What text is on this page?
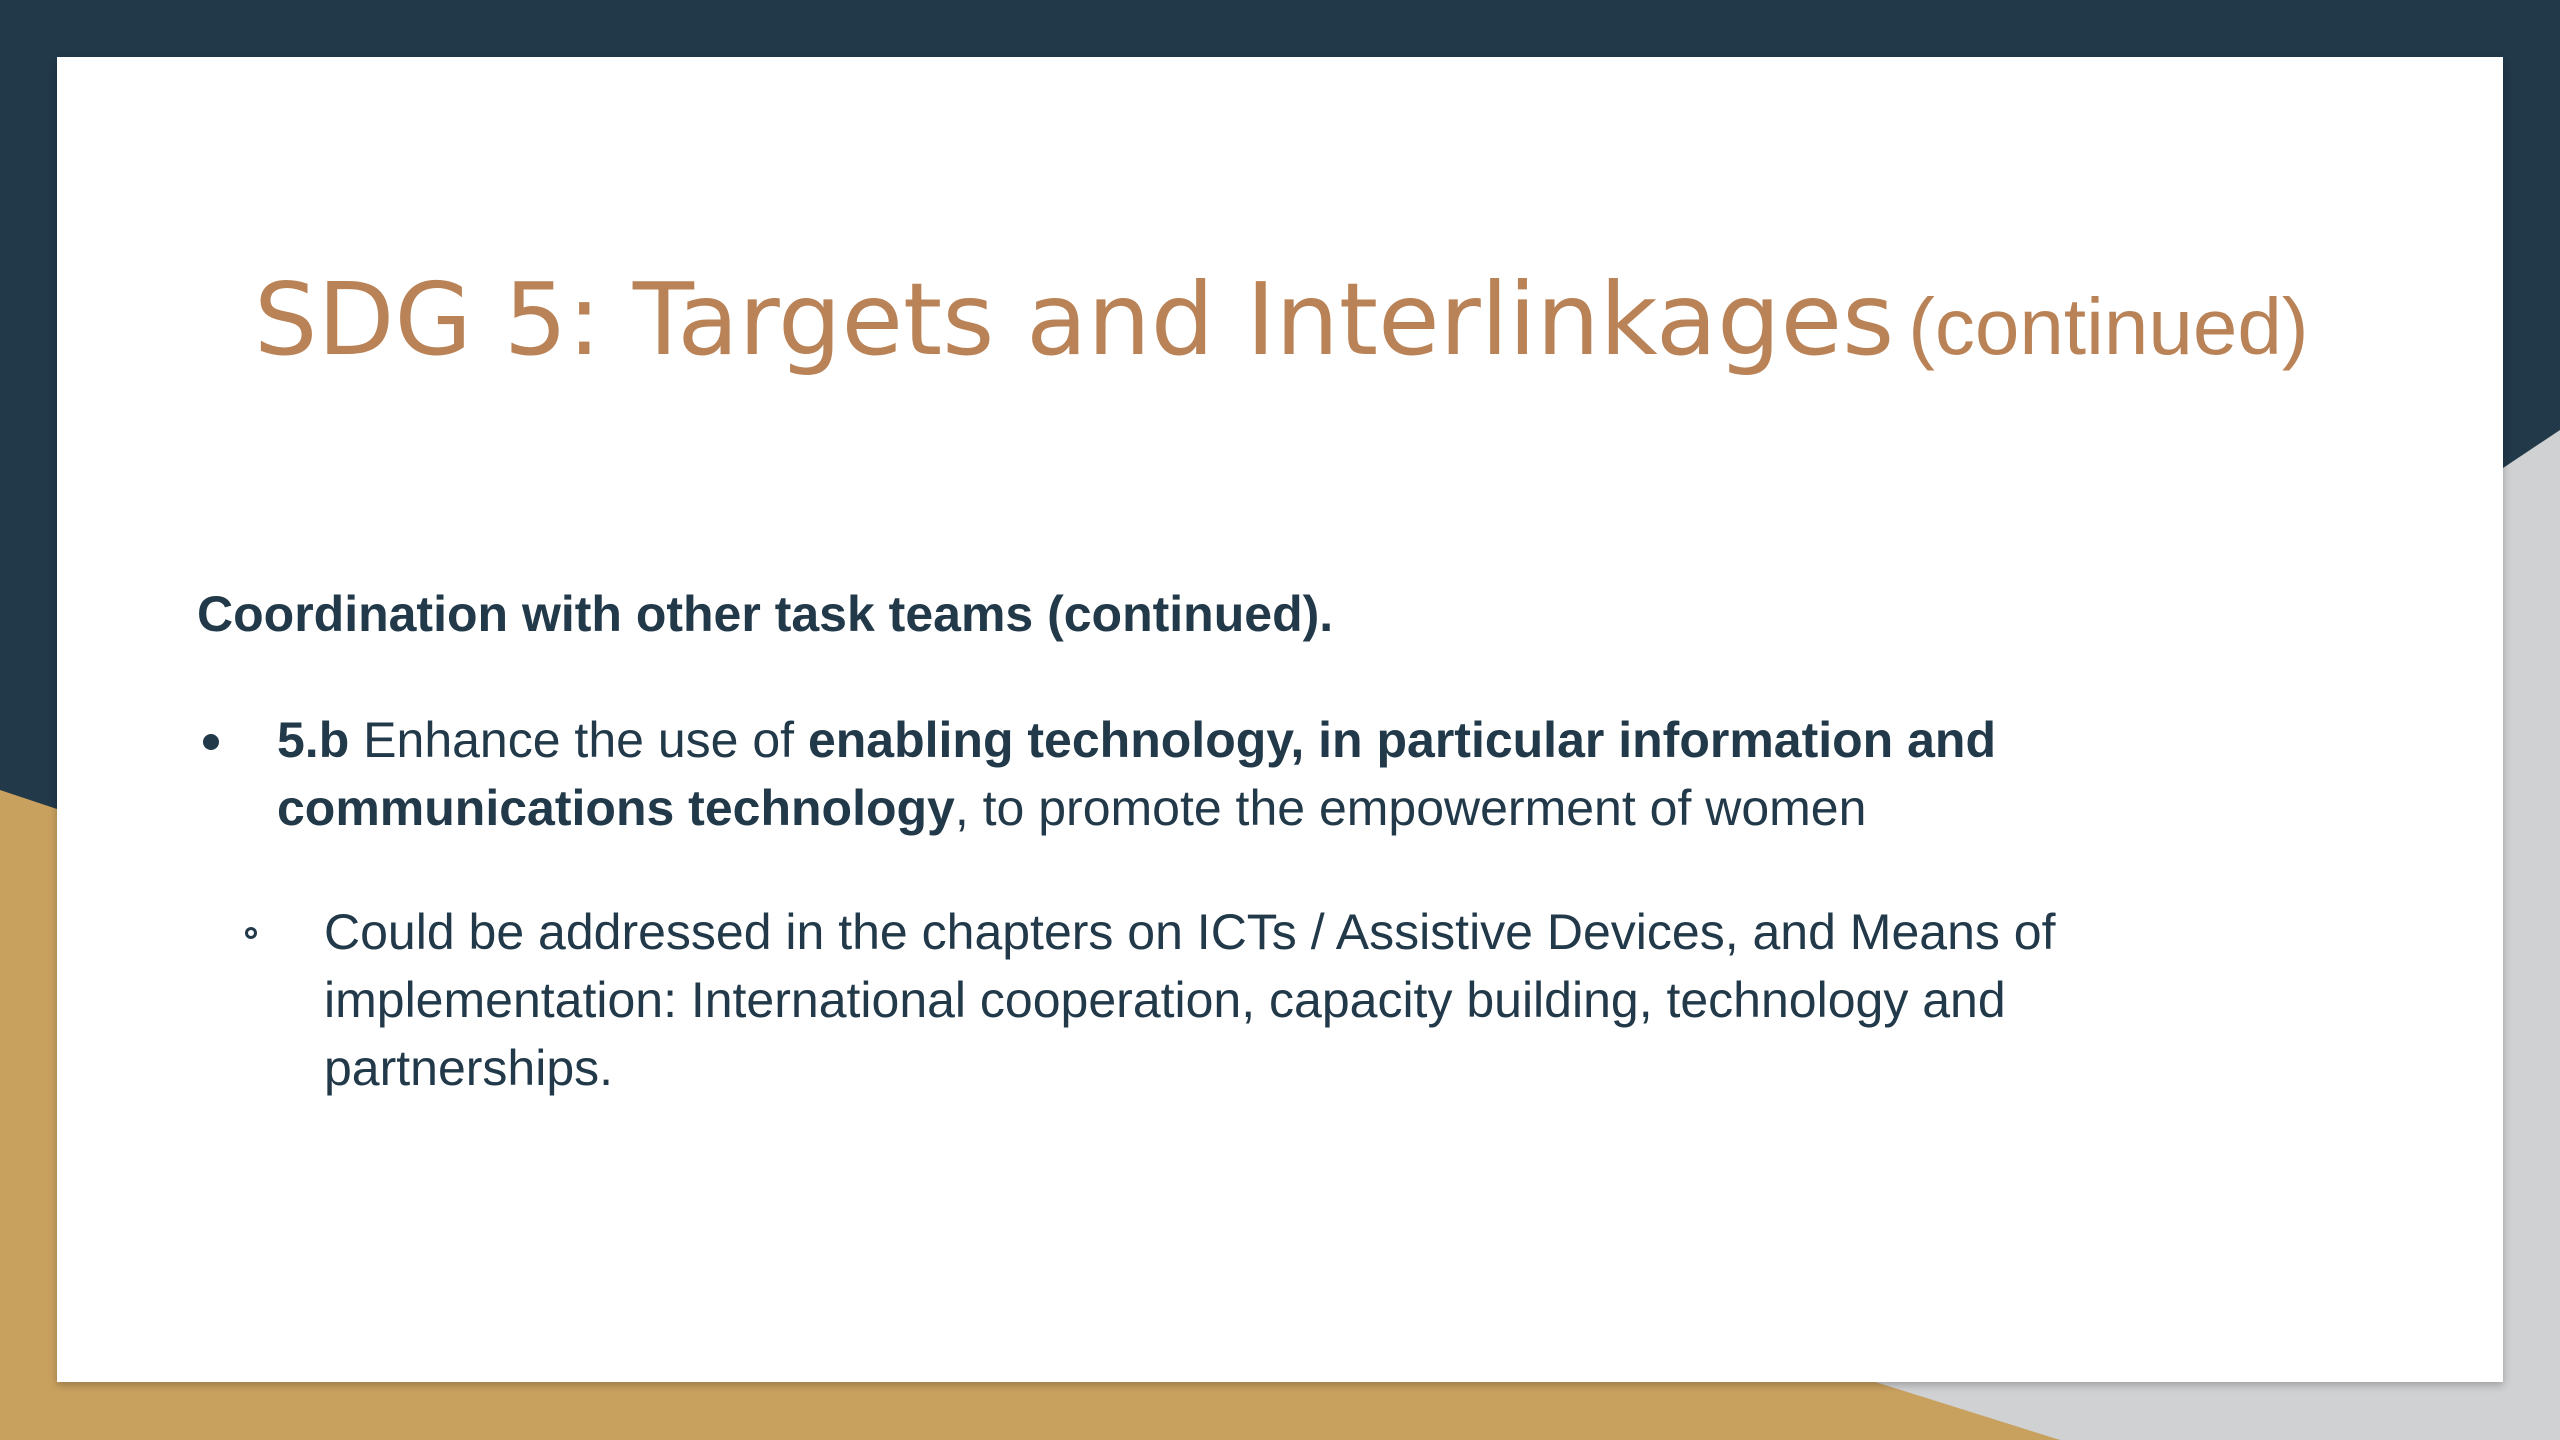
SDG 5: Targets and Interlinkages (continued)

Coordination with other task teams (continued).

5.b Enhance the use of enabling technology, in particular information and communications technology, to promote the empowerment of women
Could be addressed in the chapters on ICTs / Assistive Devices, and Means of implementation: International cooperation, capacity building, technology and partnerships.
